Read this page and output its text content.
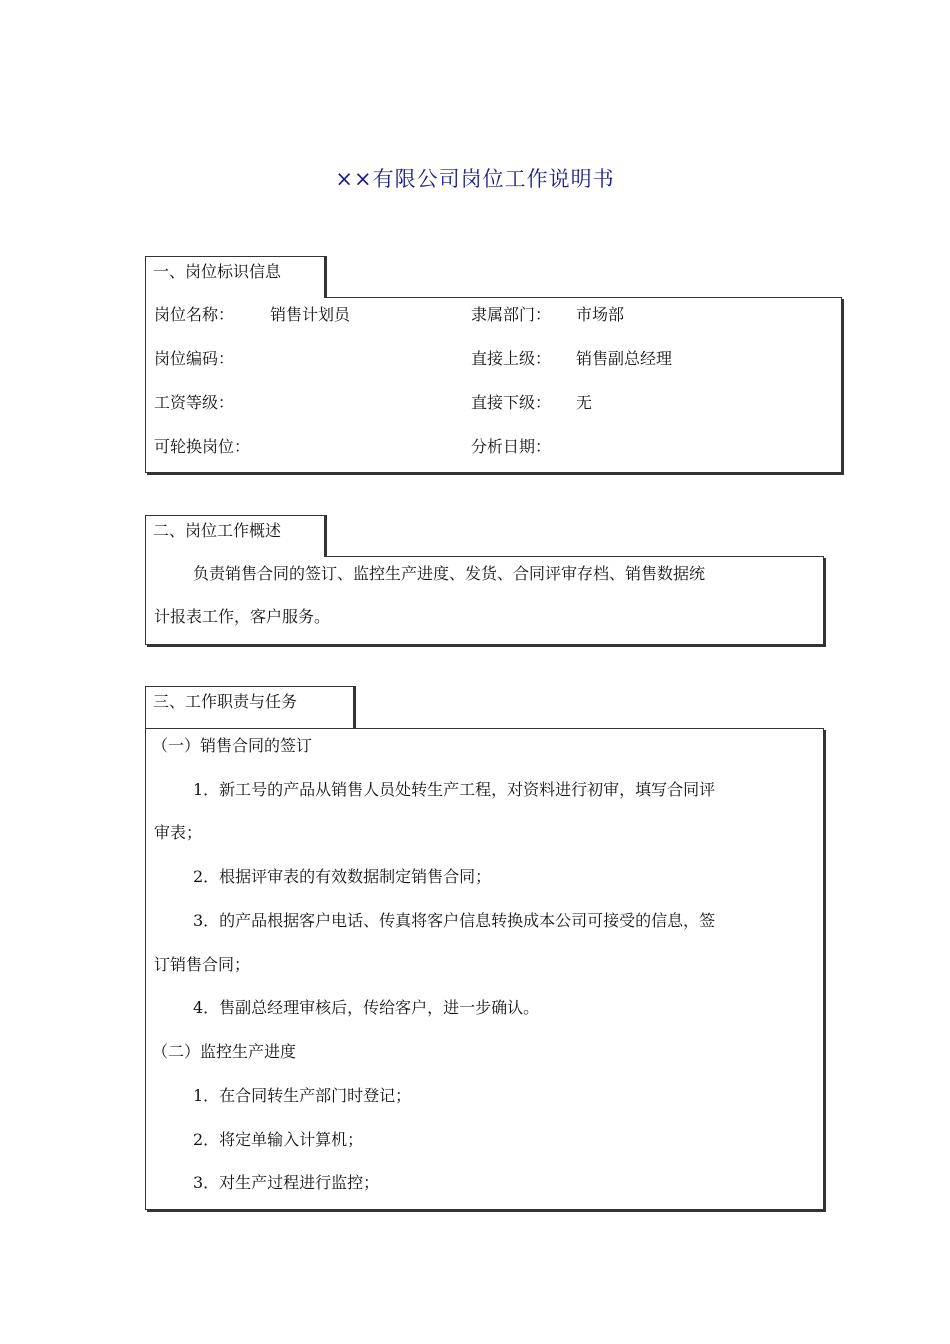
××有限公司岗位工作说明书
一、岗位标识信息
岗位名称： 销售计划员	隶属部门： 市场部
岗位编码：	直接上级： 销售副总经理
工资等级：	直接下级： 无
可轮换岗位：	分析日期：
二、岗位工作概述
负责销售合同的签订、监控生产进度、发货、合同评审存档、销售数据统
计报表工作，客户服务。
三、工作职责与任务
（一）销售合同的签订
1．新工号的产品从销售人员处转生产工程，对资料进行初审，填写合同评
审表；
2．根据评审表的有效数据制定销售合同；
3．的产品根据客户电话、传真将客户信息转换成本公司可接受的信息，签
订销售合同；
4．售副总经理审核后，传给客户，进一步确认。
（二）监控生产进度
1．在合同转生产部门时登记；
2．将定单输入计算机；
3．对生产过程进行监控；
